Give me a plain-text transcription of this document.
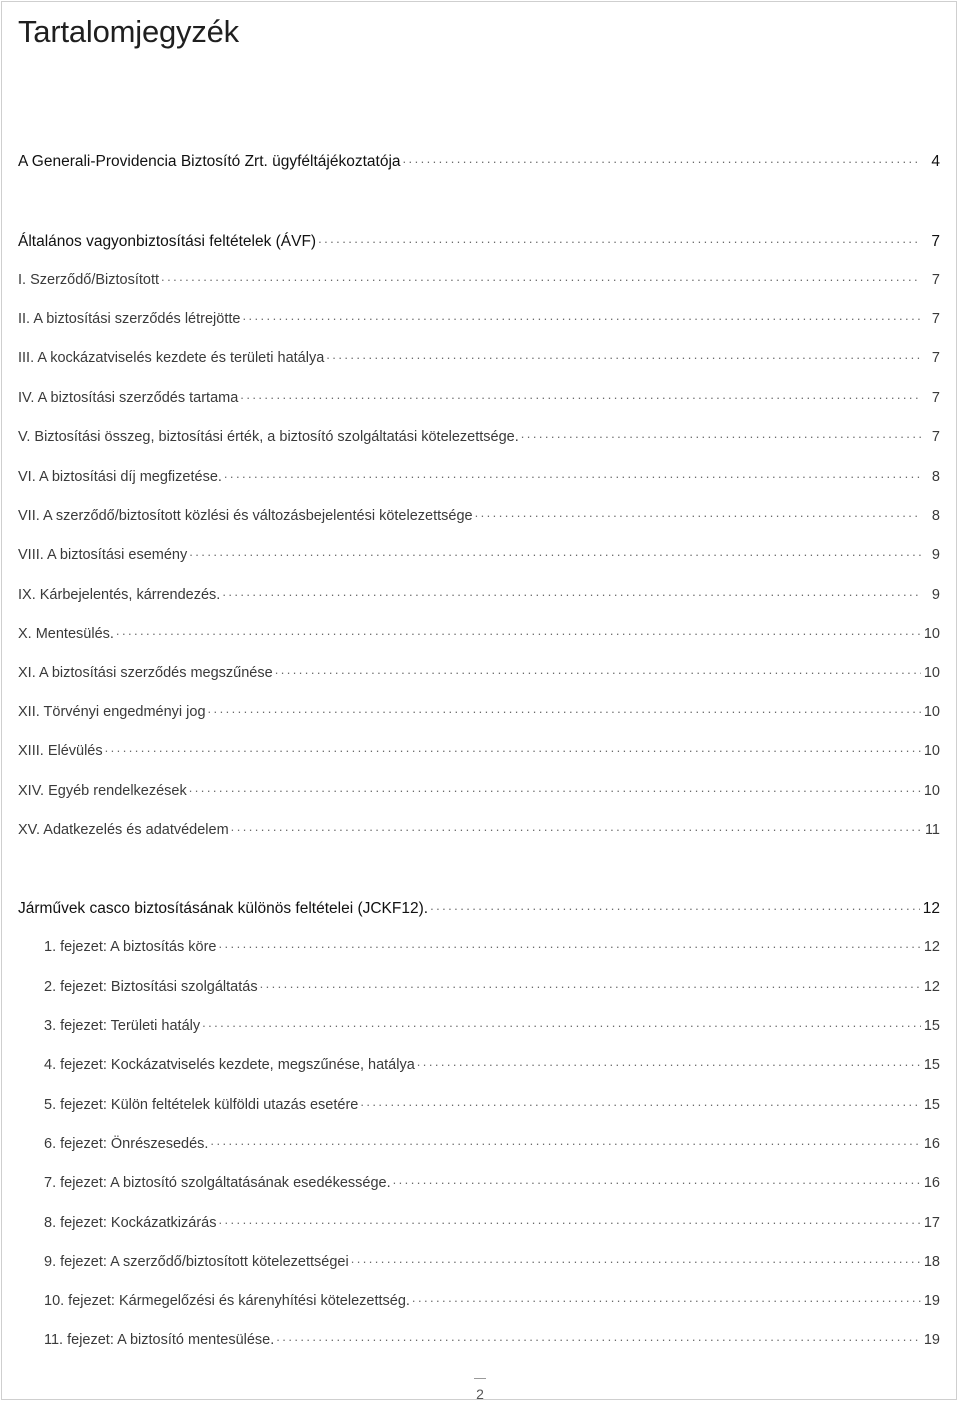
Tartalomjegyzék
A Generali-Providencia Biztosító Zrt. ügyféltájékoztatója . . .	4
Általános vagyonbiztosítási feltételek (ÁVF) . . .	7
I. Szerződő/Biztosított . . .	7
II. A biztosítási szerződés létrejötte . . .	7
III. A kockázatviselés kezdete és területi hatálya . . .	7
IV. A biztosítási szerződés tartama . . .	7
V. Biztosítási összeg, biztosítási érték, a biztosító szolgáltatási kötelezettsége. . . .	7
VI. A biztosítási díj megfizetése. . . .	8
VII. A szerződő/biztosított közlési és változásbejelentési kötelezettsége . . .	8
VIII. A biztosítási esemény . . .	9
IX. Kárbejelentés, kárrendezés. . . .	9
X. Mentesülés. . . .	10
XI. A biztosítási szerződés megszűnése . . .	10
XII. Törvényi engedményi jog . . .	10
XIII. Elévülés . . .	10
XIV. Egyéb rendelkezések . . .	10
XV. Adatkezelés és adatvédelem . . .	11
Járművek casco biztosításának különös feltételei (JCKF12). . . .	12
1. fejezet: A biztosítás köre . . .	12
2. fejezet: Biztosítási szolgáltatás . . .	12
3. fejezet: Területi hatály . . .	15
4. fejezet: Kockázatviselés kezdete, megszűnése, hatálya . . .	15
5. fejezet: Külön feltételek külföldi utazás esetére . . .	15
6. fejezet: Önrészesedés. . . .	16
7. fejezet: A biztosító szolgáltatásának esedékessége. . . .	16
8. fejezet: Kockázatkizárás . . .	17
9. fejezet: A szerződő/biztosított kötelezettségei . . .	18
10. fejezet: Kármegelőzési és kárenyhítési kötelezettség. . . .	19
11. fejezet: A biztosító mentesülése. . . .	19
2
